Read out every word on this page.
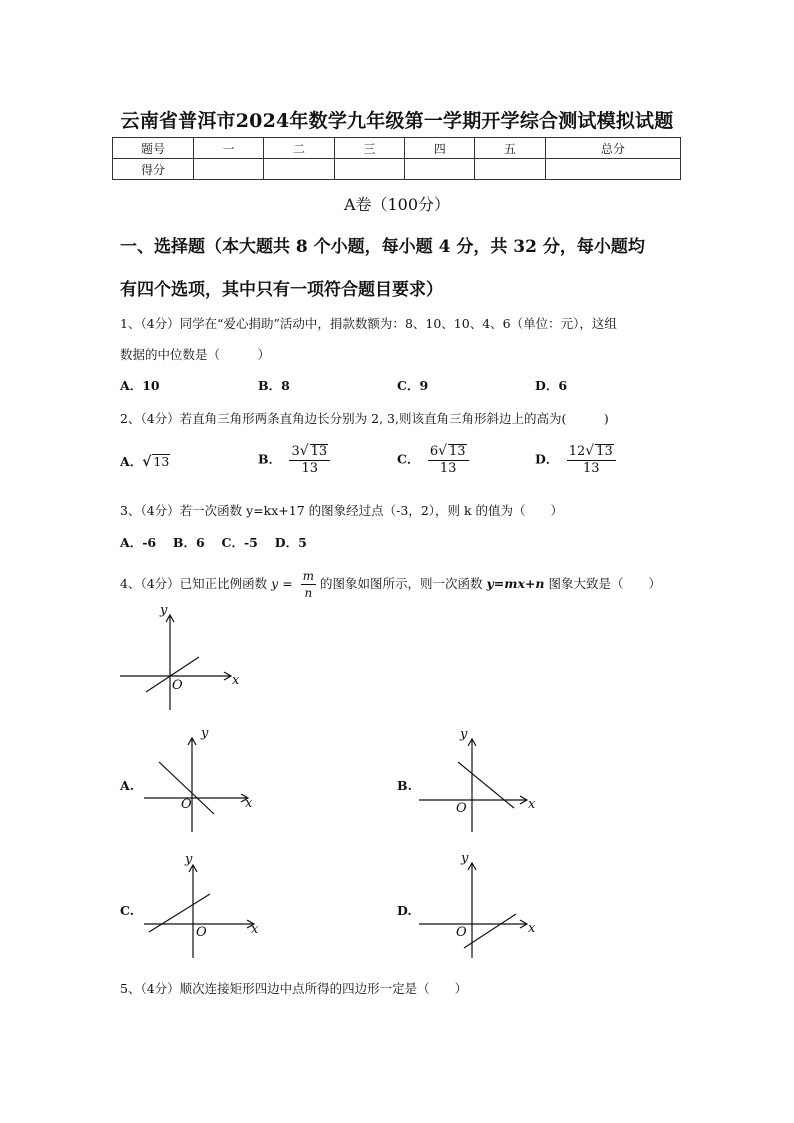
云南省普洱市2024年数学九年级第一学期开学综合测试模拟试题
题号	一	二	三	四	五	总分
得分						
A卷（100分）
一、选择题（本大题共 8 个小题，每小题 4 分，共 32 分，每小题均
有四个选项，其中只有一项符合题目要求）
1、（4分）同学在“爱心捐助”活动中，捐款数额为：8、10、10、4、6（单位：元），这组
数据的中位数是（　　　）
A．10	B．8	C．9	D．6
2、（4分）若直角三角形两条直角边长分别为 2, 3,则该直角三角形斜边上的高为(　　　)
A．√ 13	B． $\frac{3√ 13}{13}$	C． $\frac{6√ 13}{13}$	D． $\frac{12√ 13}{13}$
3、（4分）若一次函数 y=kx+17 的图象经过点（-3，2），则 k 的值为（　　）
A．-6　 B．6　 C．-5　 D．5
4、（4分）已知正比例函数 $y = \frac{m}{n}$ 的图象如图所示，则一次函数 y=mx+n 图象大致是（　　）
x
y
O
A.
x
y
O
B.
x
y
O
C.
x
y
O
D.
x
y
O
5、（4分）顺次连接矩形四边中点所得的四边形一定是（　　）
